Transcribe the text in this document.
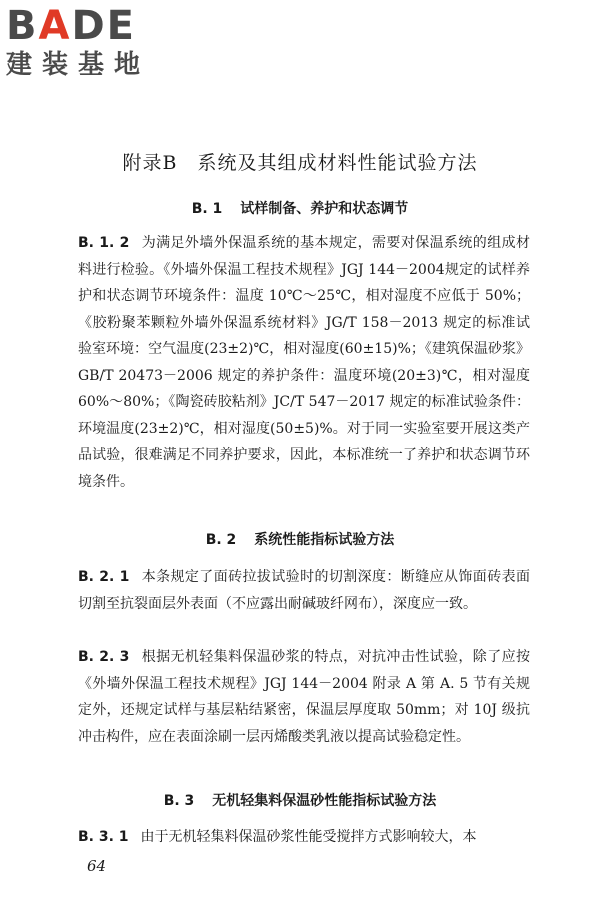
BADE
建装基地
附录B　系统及其组成材料性能试验方法
B. 1 试样制备、养护和状态调节
B. 1. 2 为满足外墙外保温系统的基本规定，需要对保温系统的组成材料进行检验。《外墙外保温工程技术规程》JGJ 144－2004规定的试样养护和状态调节环境条件：温度 10℃～25℃，相对湿度不应低于 50%；《胶粉聚苯颗粒外墙外保温系统材料》JG/T 158－2013 规定的标准试验室环境：空气温度(23±2)℃，相对湿度(60±15)%；《建筑保温砂浆》GB/T 20473－2006 规定的养护条件：温度环境(20±3)℃，相对湿度 60%～80%；《陶瓷砖胶粘剂》JC/T 547－2017 规定的标准试验条件：环境温度(23±2)℃，相对湿度(50±5)%。对于同一实验室要开展这类产品试验，很难满足不同养护要求，因此，本标准统一了养护和状态调节环境条件。
B. 2 系统性能指标试验方法
B. 2. 1 本条规定了面砖拉拔试验时的切割深度：断缝应从饰面砖表面切割至抗裂面层外表面（不应露出耐碱玻纤网布），深度应一致。
B. 2. 3 根据无机轻集料保温砂浆的特点，对抗冲击性试验，除了应按《外墙外保温工程技术规程》JGJ 144－2004 附录 A 第 A. 5 节有关规定外，还规定试样与基层粘结紧密，保温层厚度取 50mm；对 10J 级抗冲击构件，应在表面涂刷一层丙烯酸类乳液以提高试验稳定性。
B. 3 无机轻集料保温砂性能指标试验方法
B. 3. 1 由于无机轻集料保温砂浆性能受搅拌方式影响较大，本
64
